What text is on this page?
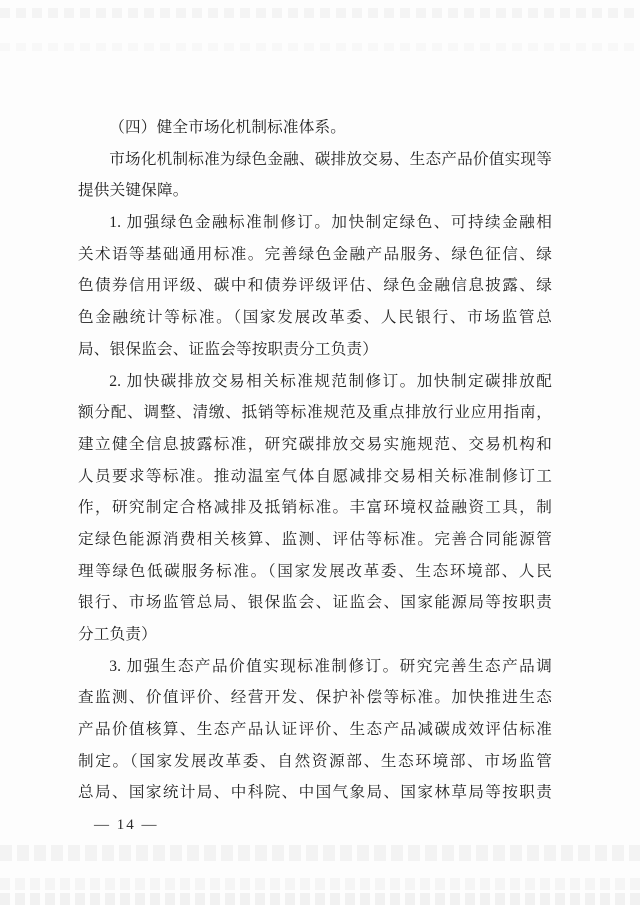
（四）健全市场化机制标准体系。
市场化机制标准为绿色金融、碳排放交易、生态产品价值实现等
提供关键保障。
1. 加强绿色金融标准制修订。加快制定绿色、可持续金融相
关术语等基础通用标准。完善绿色金融产品服务、绿色征信、绿
色债券信用评级、碳中和债券评级评估、绿色金融信息披露、绿
色金融统计等标准。（国家发展改革委、人民银行、市场监管总
局、银保监会、证监会等按职责分工负责）
2. 加快碳排放交易相关标准规范制修订。加快制定碳排放配
额分配、调整、清缴、抵销等标准规范及重点排放行业应用指南，
建立健全信息披露标准，研究碳排放交易实施规范、交易机构和
人员要求等标准。推动温室气体自愿减排交易相关标准制修订工
作，研究制定合格减排及抵销标准。丰富环境权益融资工具，制
定绿色能源消费相关核算、监测、评估等标准。完善合同能源管
理等绿色低碳服务标准。（国家发展改革委、生态环境部、人民
银行、市场监管总局、银保监会、证监会、国家能源局等按职责
分工负责）
3. 加强生态产品价值实现标准制修订。研究完善生态产品调
查监测、价值评价、经营开发、保护补偿等标准。加快推进生态
产品价值核算、生态产品认证评价、生态产品减碳成效评估标准
制定。（国家发展改革委、自然资源部、生态环境部、市场监管
总局、国家统计局、中科院、中国气象局、国家林草局等按职责
— 14 —
